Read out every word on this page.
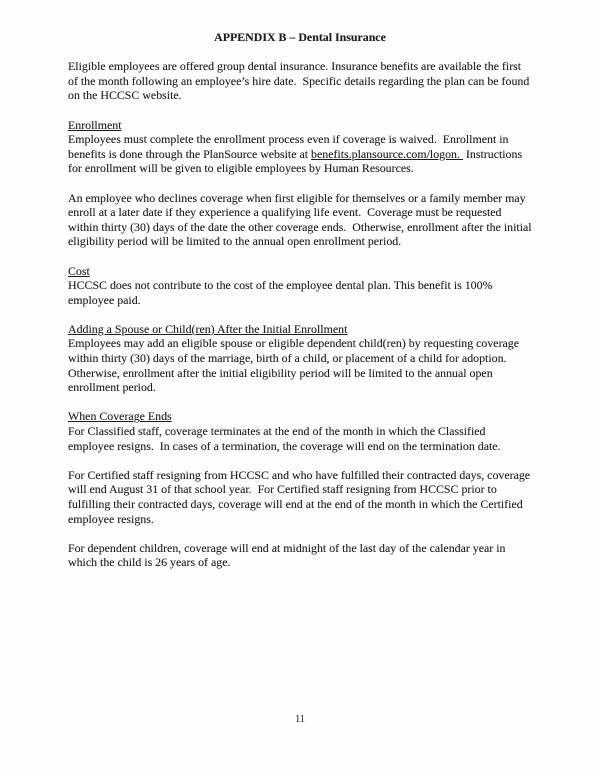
APPENDIX B – Dental Insurance

Eligible employees are offered group dental insurance. Insurance benefits are available the first of the month following an employee’s hire date.  Specific details regarding the plan can be found on the HCCSC website.

Enrollment

Employees must complete the enrollment process even if coverage is waived.  Enrollment in benefits is done through the PlanSource website at benefits.plansource.com/logon.  Instructions for enrollment will be given to eligible employees by Human Resources.

An employee who declines coverage when first eligible for themselves or a family member may enroll at a later date if they experience a qualifying life event.  Coverage must be requested within thirty (30) days of the date the other coverage ends.  Otherwise, enrollment after the initial eligibility period will be limited to the annual open enrollment period.

Cost

HCCSC does not contribute to the cost of the employee dental plan. This benefit is 100% employee paid.

Adding a Spouse or Child(ren) After the Initial Enrollment

Employees may add an eligible spouse or eligible dependent child(ren) by requesting coverage within thirty (30) days of the marriage, birth of a child, or placement of a child for adoption.  Otherwise, enrollment after the initial eligibility period will be limited to the annual open enrollment period.

When Coverage Ends

For Classified staff, coverage terminates at the end of the month in which the Classified employee resigns.  In cases of a termination, the coverage will end on the termination date.

For Certified staff resigning from HCCSC and who have fulfilled their contracted days, coverage will end August 31 of that school year.  For Certified staff resigning from HCCSC prior to fulfilling their contracted days, coverage will end at the end of the month in which the Certified employee resigns.

For dependent children, coverage will end at midnight of the last day of the calendar year in which the child is 26 years of age.

11
